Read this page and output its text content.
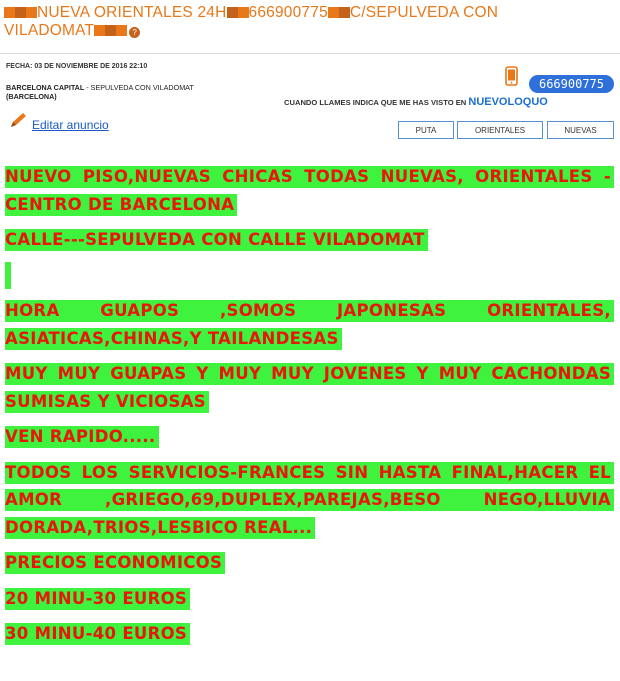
NUEVA ORIENTALES 24H 666900775 C/SEPULVEDA CON
VILADOMAT	?
FECHA: 03 DE NOVIEMBRE DE 2016 22:10
BARCELONA CAPITAL - SEPULVEDA CON VILADOMAT
(BARCELONA)
666900775
CUANDO LLAMES INDICA QUE ME HAS VISTO EN NUEVOLOQUO
Editar anuncio	PUTA	ORIENTALES	NUEVAS

NUEVO PISO,NUEVAS CHICAS TODAS NUEVAS, ORIENTALES -CENTRO DE BARCELONA

CALLE---SEPULVEDA CON CALLE VILADOMAT

HORA GUAPOS ,SOMOS JAPONESAS ORIENTALES, ASIATICAS,CHINAS,Y TAILANDESAS

MUY MUY GUAPAS Y MUY MUY JOVENES Y MUY CACHONDAS SUMISAS Y VICIOSAS

VEN RAPIDO.....

TODOS LOS SERVICIOS-FRANCES SIN HASTA FINAL,HACER EL AMOR ,GRIEGO,69,DUPLEX,PAREJAS,BESO NEGO,LLUVIA DORADA,TRIOS,LESBICO REAL...

PRECIOS ECONOMICOS

20 MINU-30 EUROS

30 MINU-40 EUROS
